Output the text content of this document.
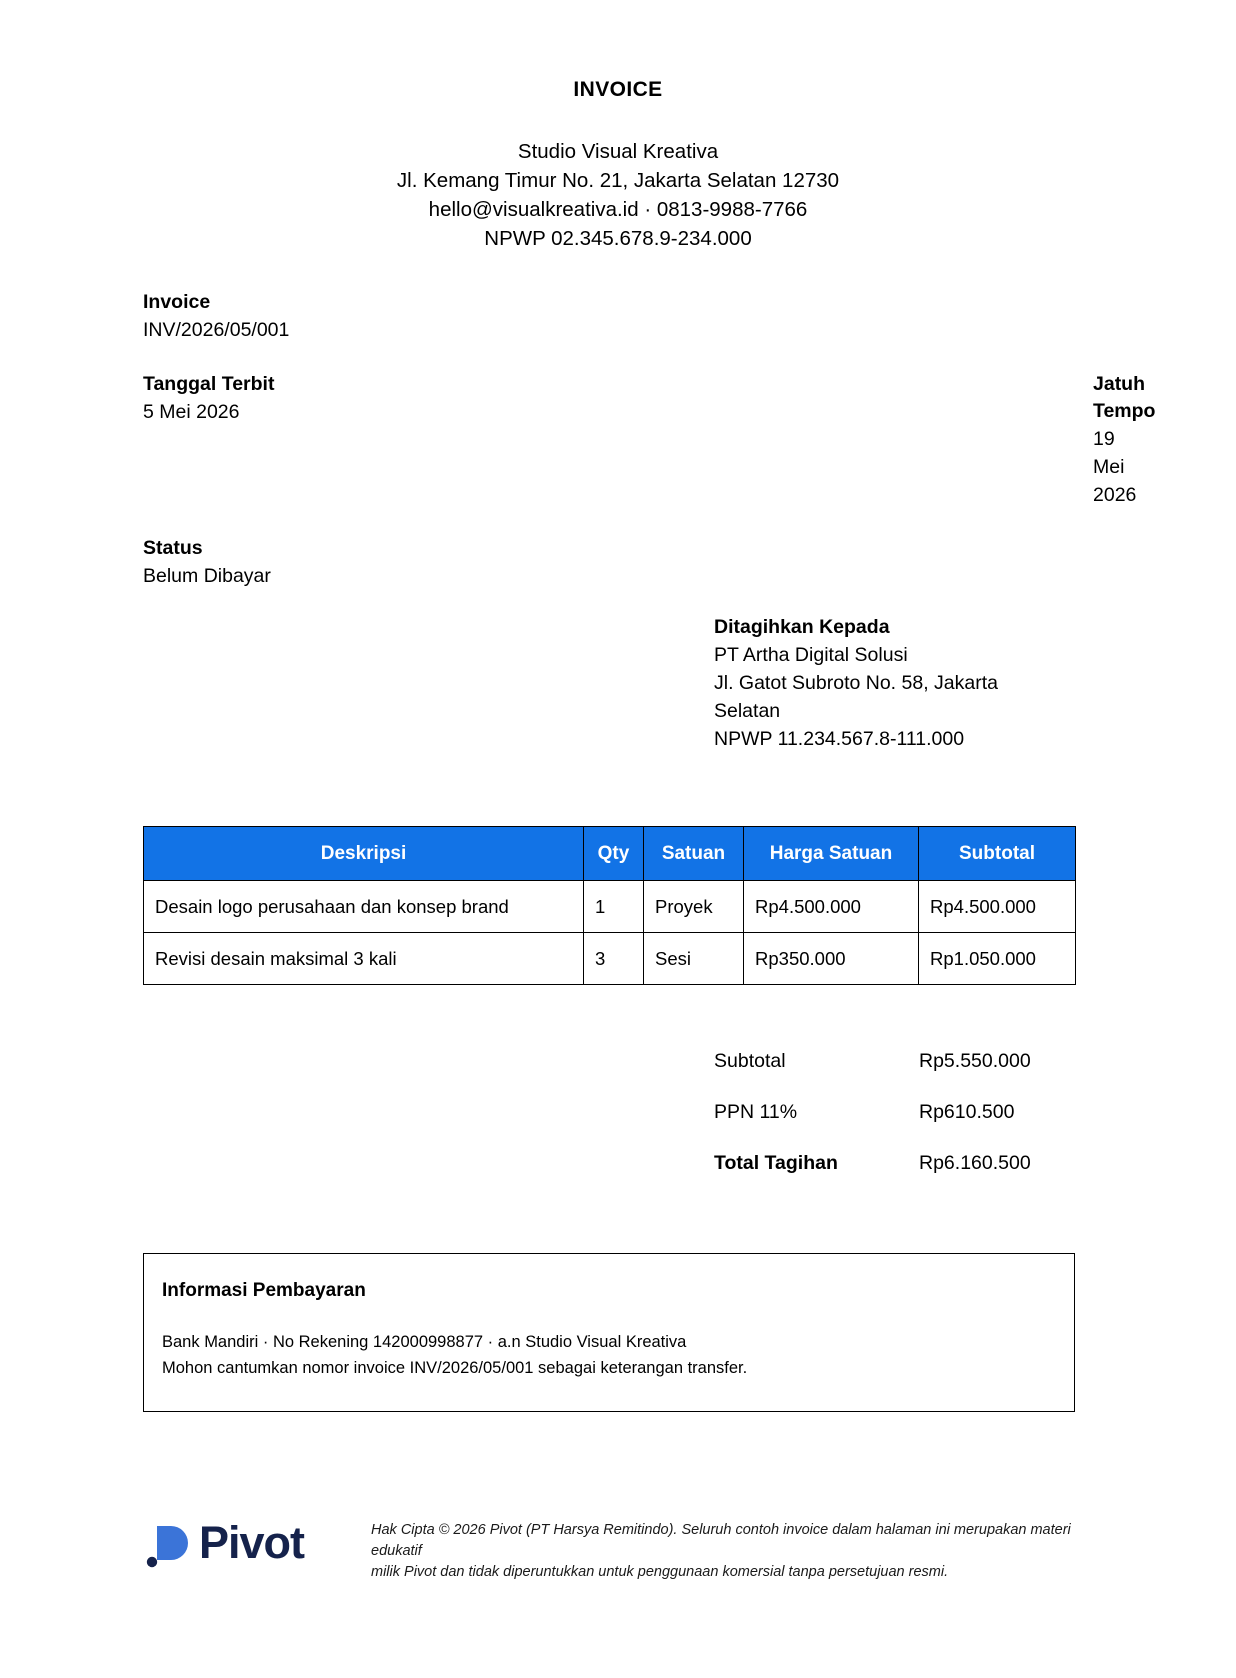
INVOICE
Studio Visual Kreativa
Jl. Kemang Timur No. 21, Jakarta Selatan 12730
hello@visualkreativa.id · 0813-9988-7766
NPWP 02.345.678.9-234.000
Invoice
INV/2026/05/001
Tanggal Terbit
5 Mei 2026
Jatuh Tempo
19 Mei 2026
Status
Belum Dibayar
Ditagihkan Kepada
PT Artha Digital Solusi
Jl. Gatot Subroto No. 58, Jakarta
Selatan
NPWP 11.234.567.8-111.000
Deskripsi	Qty	Satuan	Harga Satuan	Subtotal
Desain logo perusahaan dan konsep brand	1	Proyek	Rp4.500.000	Rp4.500.000
Revisi desain maksimal 3 kali	3	Sesi	Rp350.000	Rp1.050.000
Subtotal	Rp5.550.000
PPN 11%	Rp610.500
Total Tagihan	Rp6.160.500
Informasi Pembayaran
Bank Mandiri · No Rekening 142000998877 · a.n Studio Visual Kreativa
Mohon cantumkan nomor invoice INV/2026/05/001 sebagai keterangan transfer.
Pivot	Hak Cipta © 2026 Pivot (PT Harsya Remitindo). Seluruh contoh invoice dalam halaman ini merupakan materi edukatif
milik Pivot dan tidak diperuntukkan untuk penggunaan komersial tanpa persetujuan resmi.
